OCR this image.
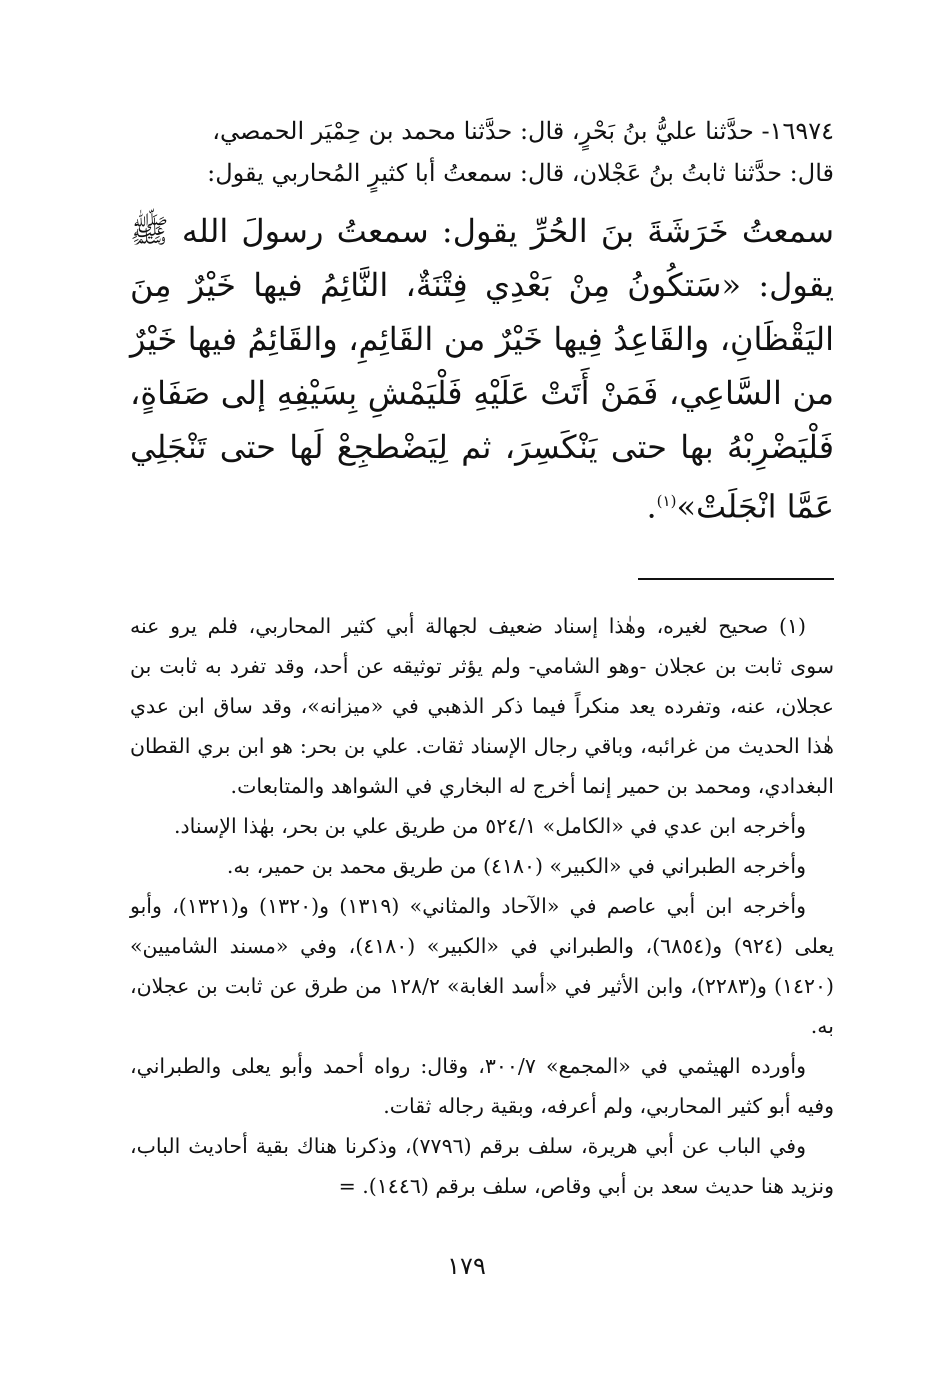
١٦٩٧٤- حدَّثنا عليُّ بنُ بَحْرٍ، قال: حدَّثنا محمد بن حِمْيَر الحمصي،
قال: حدَّثنا ثابتُ بنُ عَجْلان، قال: سمعتُ أبا كثيرٍ المُحاربي يقول:

سمعتُ خَرَشَةَ بنَ الحُرِّ يقول: سمعتُ رسولَ الله ﷺ يقول: «سَتكُونُ مِنْ بَعْدِي فِتْنَةٌ، النَّائِمُ فيها خَيْرٌ مِنَ اليَقْظَانِ، والقَاعِدُ فِيها خَيْرٌ من القَائِمِ، والقَائِمُ فيها خَيْرٌ من السَّاعِي، فَمَنْ أَتَتْ عَلَيْهِ فَلْيَمْشِ بِسَيْفِهِ إلى صَفَاةٍ، فَلْيَضْرِبْهُ بها حتى يَنْكَسِرَ، ثم لِيَضْطجِعْ لَها حتى تَنْجَلِي عَمَّا انْجَلَتْ»$^{(١)}$.

(١) صحيح لغيره، وهٰذا إسناد ضعيف لجهالة أبي كثير المحاربي، فلم يرو عنه سوى ثابت بن عجلان -وهو الشامي- ولم يؤثر توثيقه عن أحد، وقد تفرد به ثابت بن عجلان، عنه، وتفرده يعد منكراً فيما ذكر الذهبي في «ميزانه»، وقد ساق ابن عدي هٰذا الحديث من غرائبه، وباقي رجال الإسناد ثقات. علي بن بحر: هو ابن بري القطان البغدادي، ومحمد بن حمير إنما أخرج له البخاري في الشواهد والمتابعات.

وأخرجه ابن عدي في «الكامل» ٥٢٤/١ من طريق علي بن بحر، بهٰذا الإسناد.

وأخرجه الطبراني في «الكبير» (٤١٨٠) من طريق محمد بن حمير، به.

وأخرجه ابن أبي عاصم في «الآحاد والمثاني» (١٣١٩) و(١٣٢٠) و(١٣٢١)، وأبو يعلى (٩٢٤) و(٦٨٥٤)، والطبراني في «الكبير» (٤١٨٠)، وفي «مسند الشاميين» (١٤٢٠) و(٢٢٨٣)، وابن الأثير في «أسد الغابة» ١٢٨/٢ من طرق عن ثابت بن عجلان، به.

وأورده الهيثمي في «المجمع» ٣٠٠/٧، وقال: رواه أحمد وأبو يعلى والطبراني، وفيه أبو كثير المحاربي، ولم أعرفه، وبقية رجاله ثقات.

وفي الباب عن أبي هريرة، سلف برقم (٧٧٩٦)، وذكرنا هناك بقية أحاديث الباب، ونزيد هنا حديث سعد بن أبي وقاص، سلف برقم (١٤٤٦). =

١٧٩
